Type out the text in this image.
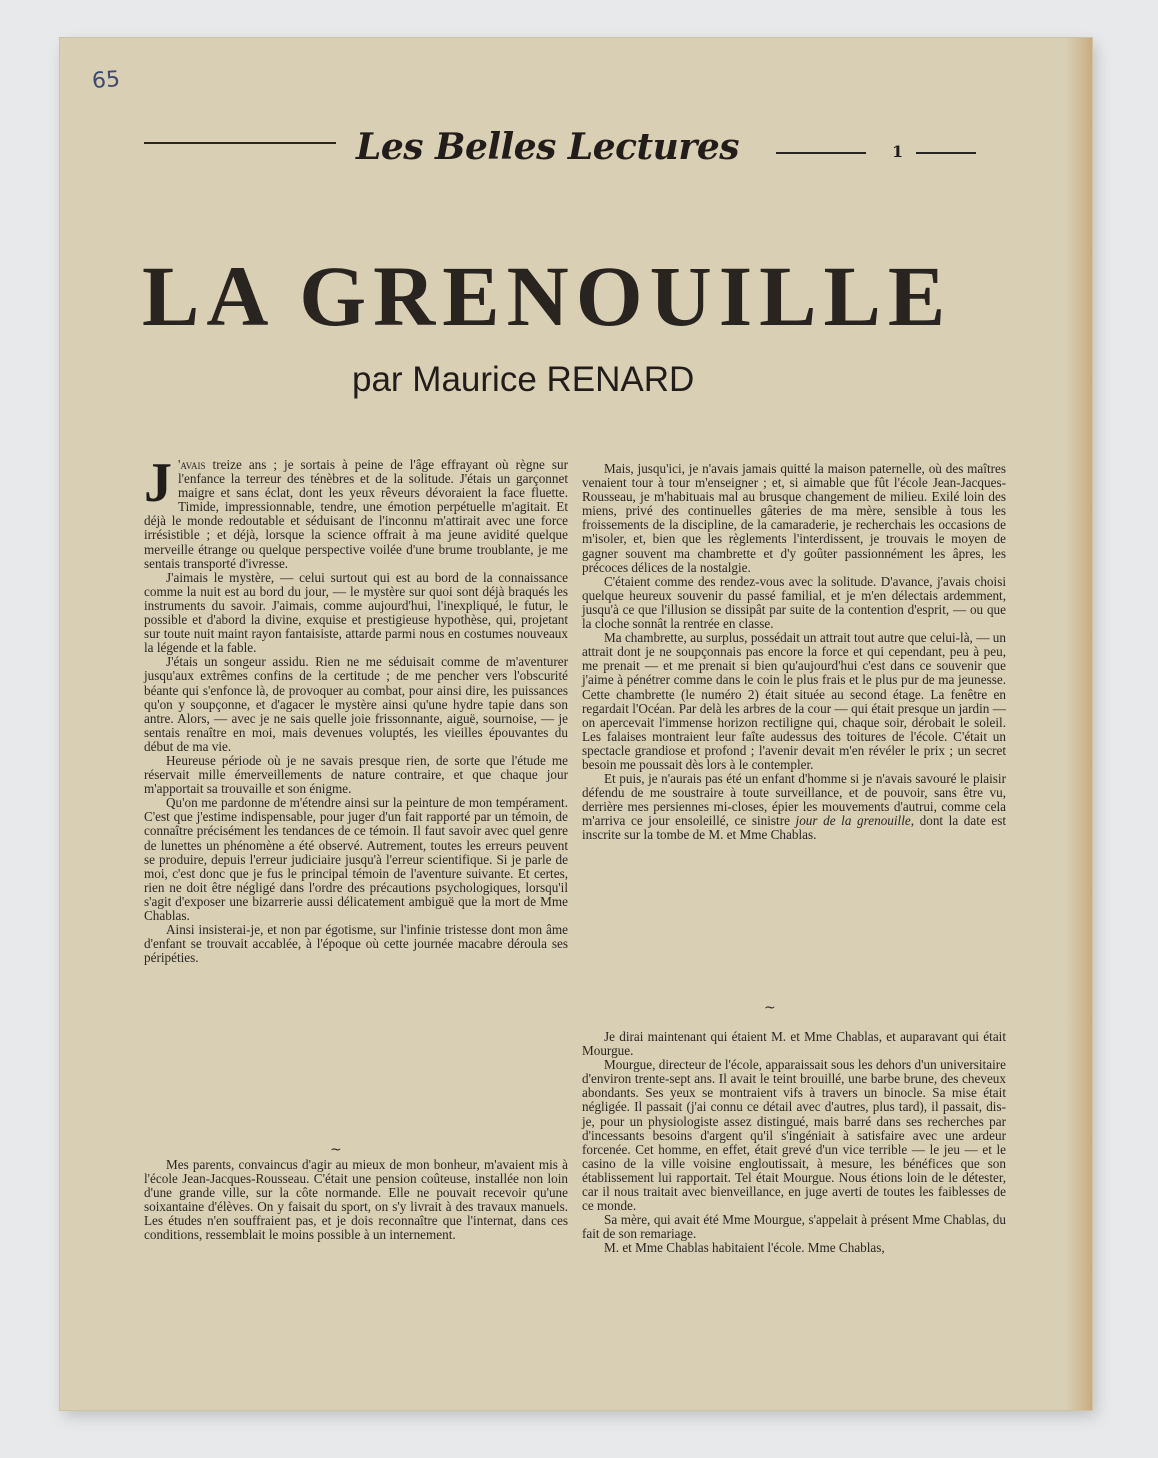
65
Les Belles Lectures	1
LA GRENOUILLE
par Maurice RENARD

J 'avais treize ans ; je sortais à peine de l'âge effrayant où règne sur l'enfance la terreur des ténèbres et de la solitude. J'étais un garçonnet maigre et sans éclat, dont les yeux rêveurs dévoraient la face fluette. Timide, impressionnable, tendre, une émotion perpétuelle m'agitait. Et déjà le monde redoutable et séduisant de l'inconnu m'attirait avec une force irrésistible ; et déjà, lorsque la science offrait à ma jeune avidité quelque merveille étrange ou quelque perspective voilée d'une brume troublante, je me sentais transporté d'ivresse.

J'aimais le mystère, — celui surtout qui est au bord de la connaissance comme la nuit est au bord du jour, — le mystère sur quoi sont déjà braqués les instruments du savoir. J'aimais, comme aujourd'hui, l'inexpliqué, le futur, le possible et d'abord la divine, exquise et prestigieuse hypothèse, qui, projetant sur toute nuit maint rayon fantaisiste, attarde parmi nous en costumes nouveaux la légende et la fable.

J'étais un songeur assidu. Rien ne me séduisait comme de m'aventurer jusqu'aux extrêmes confins de la certitude ; de me pencher vers l'obscurité béante qui s'enfonce là, de provoquer au combat, pour ainsi dire, les puissances qu'on y soupçonne, et d'agacer le mystère ainsi qu'une hydre tapie dans son antre. Alors, — avec je ne sais quelle joie frissonnante, aiguë, sournoise, — je sentais renaître en moi, mais devenues voluptés, les vieilles épouvantes du début de ma vie.

Heureuse période où je ne savais presque rien, de sorte que l'étude me réservait mille émerveillements de nature contraire, et que chaque jour m'apportait sa trouvaille et son énigme.

Qu'on me pardonne de m'étendre ainsi sur la peinture de mon tempérament. C'est que j'estime indispensable, pour juger d'un fait rapporté par un témoin, de connaître précisément les tendances de ce témoin. Il faut savoir avec quel genre de lunettes un phénomène a été observé. Autrement, toutes les erreurs peuvent se produire, depuis l'erreur judiciaire jusqu'à l'erreur scientifique. Si je parle de moi, c'est donc que je fus le principal témoin de l'aventure suivante. Et certes, rien ne doit être négligé dans l'ordre des précautions psychologiques, lorsqu'il s'agit d'exposer une bizarrerie aussi délicatement ambiguë que la mort de Mme Chablas.

Ainsi insisterai-je, et non par égotisme, sur l'infinie tristesse dont mon âme d'enfant se trouvait accablée, à l'époque où cette journée macabre déroula ses péripéties.

~

Mes parents, convaincus d'agir au mieux de mon bonheur, m'avaient mis à l'école Jean-Jacques-Rousseau. C'était une pension coûteuse, installée non loin d'une grande ville, sur la côte normande. Elle ne pouvait recevoir qu'une soixantaine d'élèves. On y faisait du sport, on s'y livrait à des travaux manuels. Les études n'en souffraient pas, et je dois reconnaître que l'internat, dans ces conditions, ressemblait le moins possible à un internement.

Mais, jusqu'ici, je n'avais jamais quitté la maison paternelle, où des maîtres venaient tour à tour m'enseigner ; et, si aimable que fût l'école Jean-Jacques-Rousseau, je m'habituais mal au brusque changement de milieu. Exilé loin des miens, privé des continuelles gâteries de ma mère, sensible à tous les froissements de la discipline, de la camaraderie, je recherchais les occasions de m'isoler, et, bien que les règlements l'interdissent, je trouvais le moyen de gagner souvent ma chambrette et d'y goûter passionnément les âpres, les précoces délices de la nostalgie.

C'étaient comme des rendez-vous avec la solitude. D'avance, j'avais choisi quelque heureux souvenir du passé familial, et je m'en délectais ardemment, jusqu'à ce que l'illusion se dissipât par suite de la contention d'esprit, — ou que la cloche sonnât la rentrée en classe.

Ma chambrette, au surplus, possédait un attrait tout autre que celui-là, — un attrait dont je ne soupçonnais pas encore la force et qui cependant, peu à peu, me prenait — et me prenait si bien qu'aujourd'hui c'est dans ce souvenir que j'aime à pénétrer comme dans le coin le plus frais et le plus pur de ma jeunesse. Cette chambrette (le numéro 2) était située au second étage. La fenêtre en regardait l'Océan. Par delà les arbres de la cour — qui était presque un jardin — on apercevait l'immense horizon rectiligne qui, chaque soir, dérobait le soleil. Les falaises montraient leur faîte audessus des toitures de l'école. C'était un spectacle grandiose et profond ; l'avenir devait m'en révéler le prix ; un secret besoin me poussait dès lors à le contempler.

Et puis, je n'aurais pas été un enfant d'homme si je n'avais savouré le plaisir défendu de me soustraire à toute surveillance, et de pouvoir, sans être vu, derrière mes persiennes mi-closes, épier les mouvements d'autrui, comme cela m'arriva ce jour ensoleillé, ce sinistre jour de la grenouille, dont la date est inscrite sur la tombe de M. et Mme Chablas.

~

Je dirai maintenant qui étaient M. et Mme Chablas, et auparavant qui était Mourgue.

Mourgue, directeur de l'école, apparaissait sous les dehors d'un universitaire d'environ trente-sept ans. Il avait le teint brouillé, une barbe brune, des cheveux abondants. Ses yeux se montraient vifs à travers un binocle. Sa mise était négligée. Il passait (j'ai connu ce détail avec d'autres, plus tard), il passait, dis-je, pour un physiologiste assez distingué, mais barré dans ses recherches par d'incessants besoins d'argent qu'il s'ingéniait à satisfaire avec une ardeur forcenée. Cet homme, en effet, était grevé d'un vice terrible — le jeu — et le casino de la ville voisine engloutissait, à mesure, les bénéfices que son établissement lui rapportait. Tel était Mourgue. Nous étions loin de le détester, car il nous traitait avec bienveillance, en juge averti de toutes les faiblesses de ce monde.

Sa mère, qui avait été Mme Mourgue, s'appelait à présent Mme Chablas, du fait de son remariage.

M. et Mme Chablas habitaient l'école. Mme Chablas,
